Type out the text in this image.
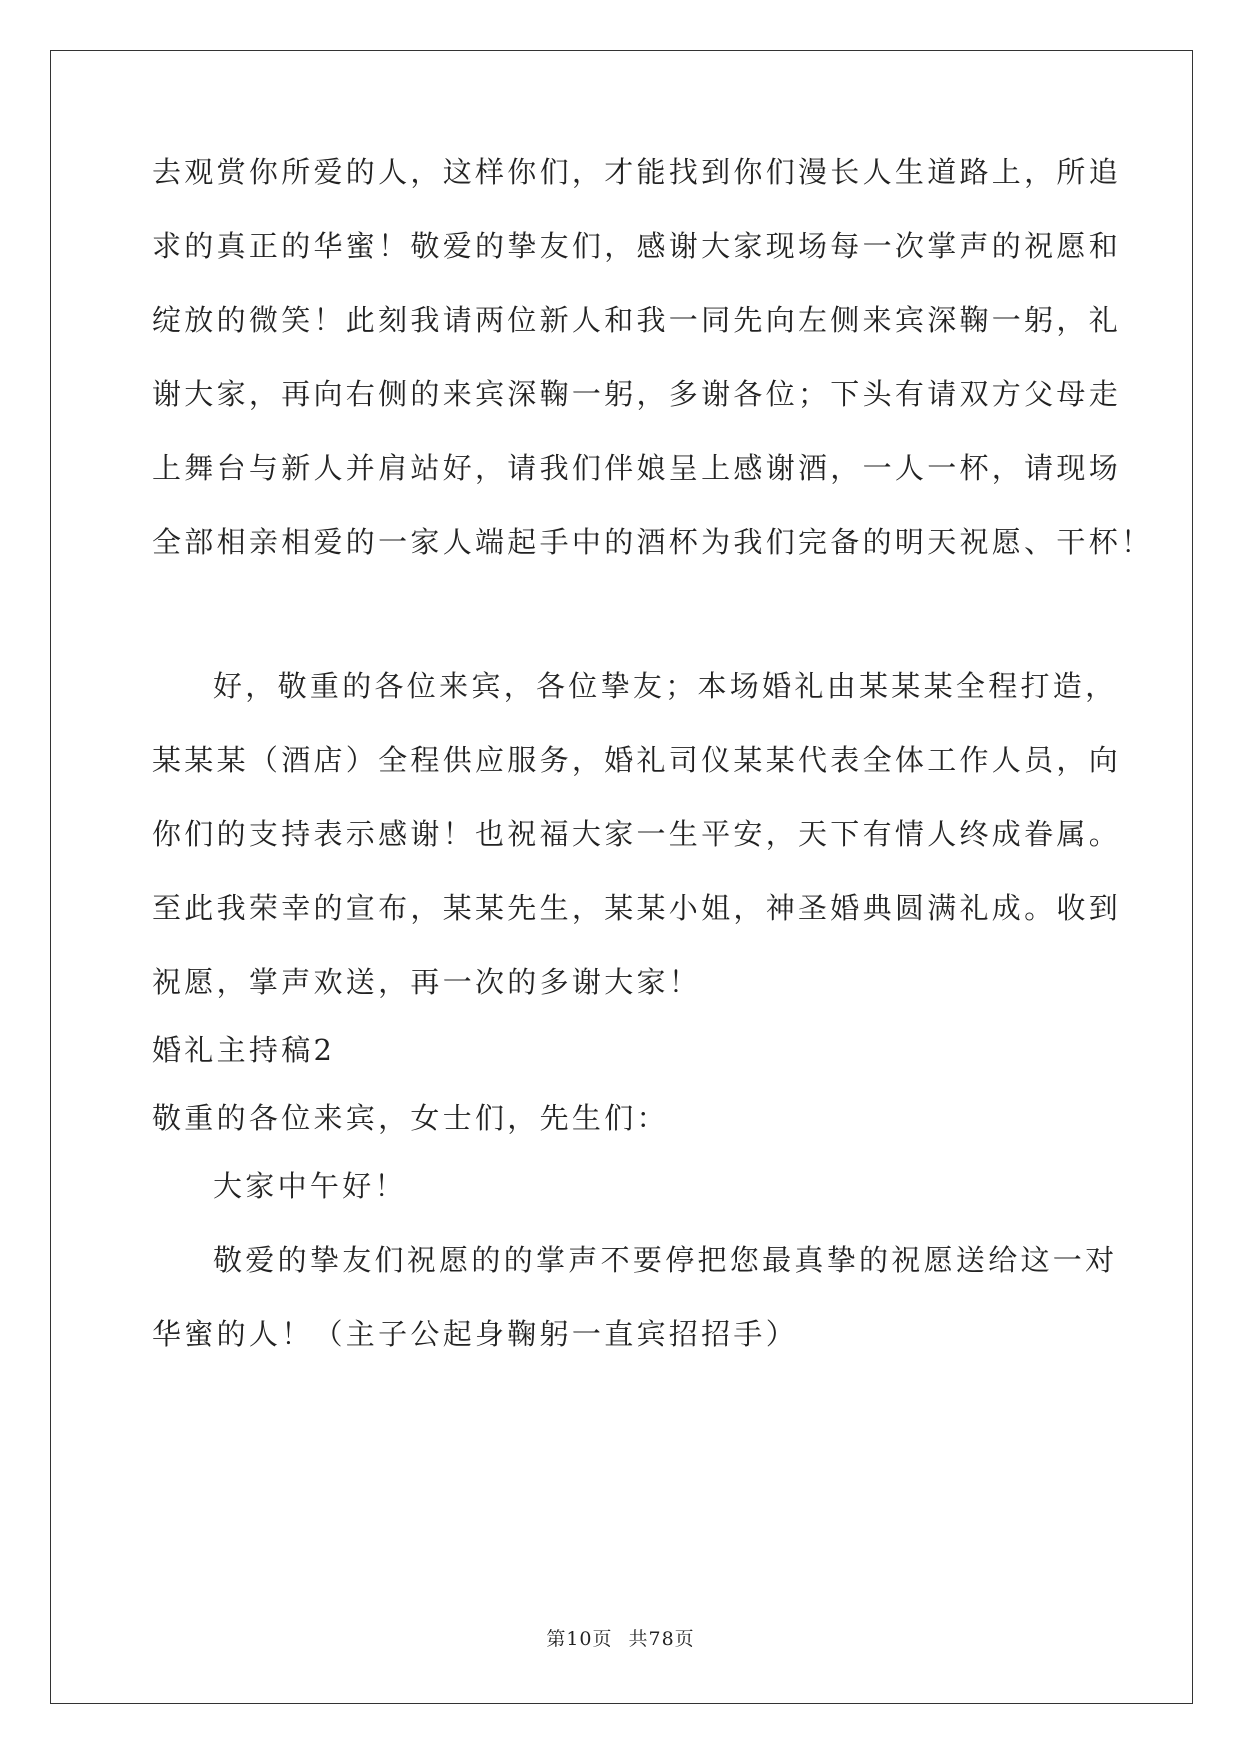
去观赏你所爱的人，这样你们，才能找到你们漫长人生道路上，所追
求的真正的华蜜！敬爱的挚友们，感谢大家现场每一次掌声的祝愿和
绽放的微笑！此刻我请两位新人和我一同先向左侧来宾深鞠一躬，礼
谢大家，再向右侧的来宾深鞠一躬，多谢各位；下头有请双方父母走
上舞台与新人并肩站好，请我们伴娘呈上感谢酒，一人一杯，请现场
全部相亲相爱的一家人端起手中的酒杯为我们完备的明天祝愿、干杯！
好，敬重的各位来宾，各位挚友；本场婚礼由某某某全程打造，
某某某（酒店）全程供应服务，婚礼司仪某某代表全体工作人员，向
你们的支持表示感谢！也祝福大家一生平安，天下有情人终成眷属。
至此我荣幸的宣布，某某先生，某某小姐，神圣婚典圆满礼成。收到
祝愿，掌声欢送，再一次的多谢大家！
婚礼主持稿2
敬重的各位来宾，女士们，先生们：
大家中午好！
敬爱的挚友们祝愿的的掌声不要停把您最真挚的祝愿送给这一对
华蜜的人！（主子公起身鞠躬一直宾招招手）
第10页 共78页
